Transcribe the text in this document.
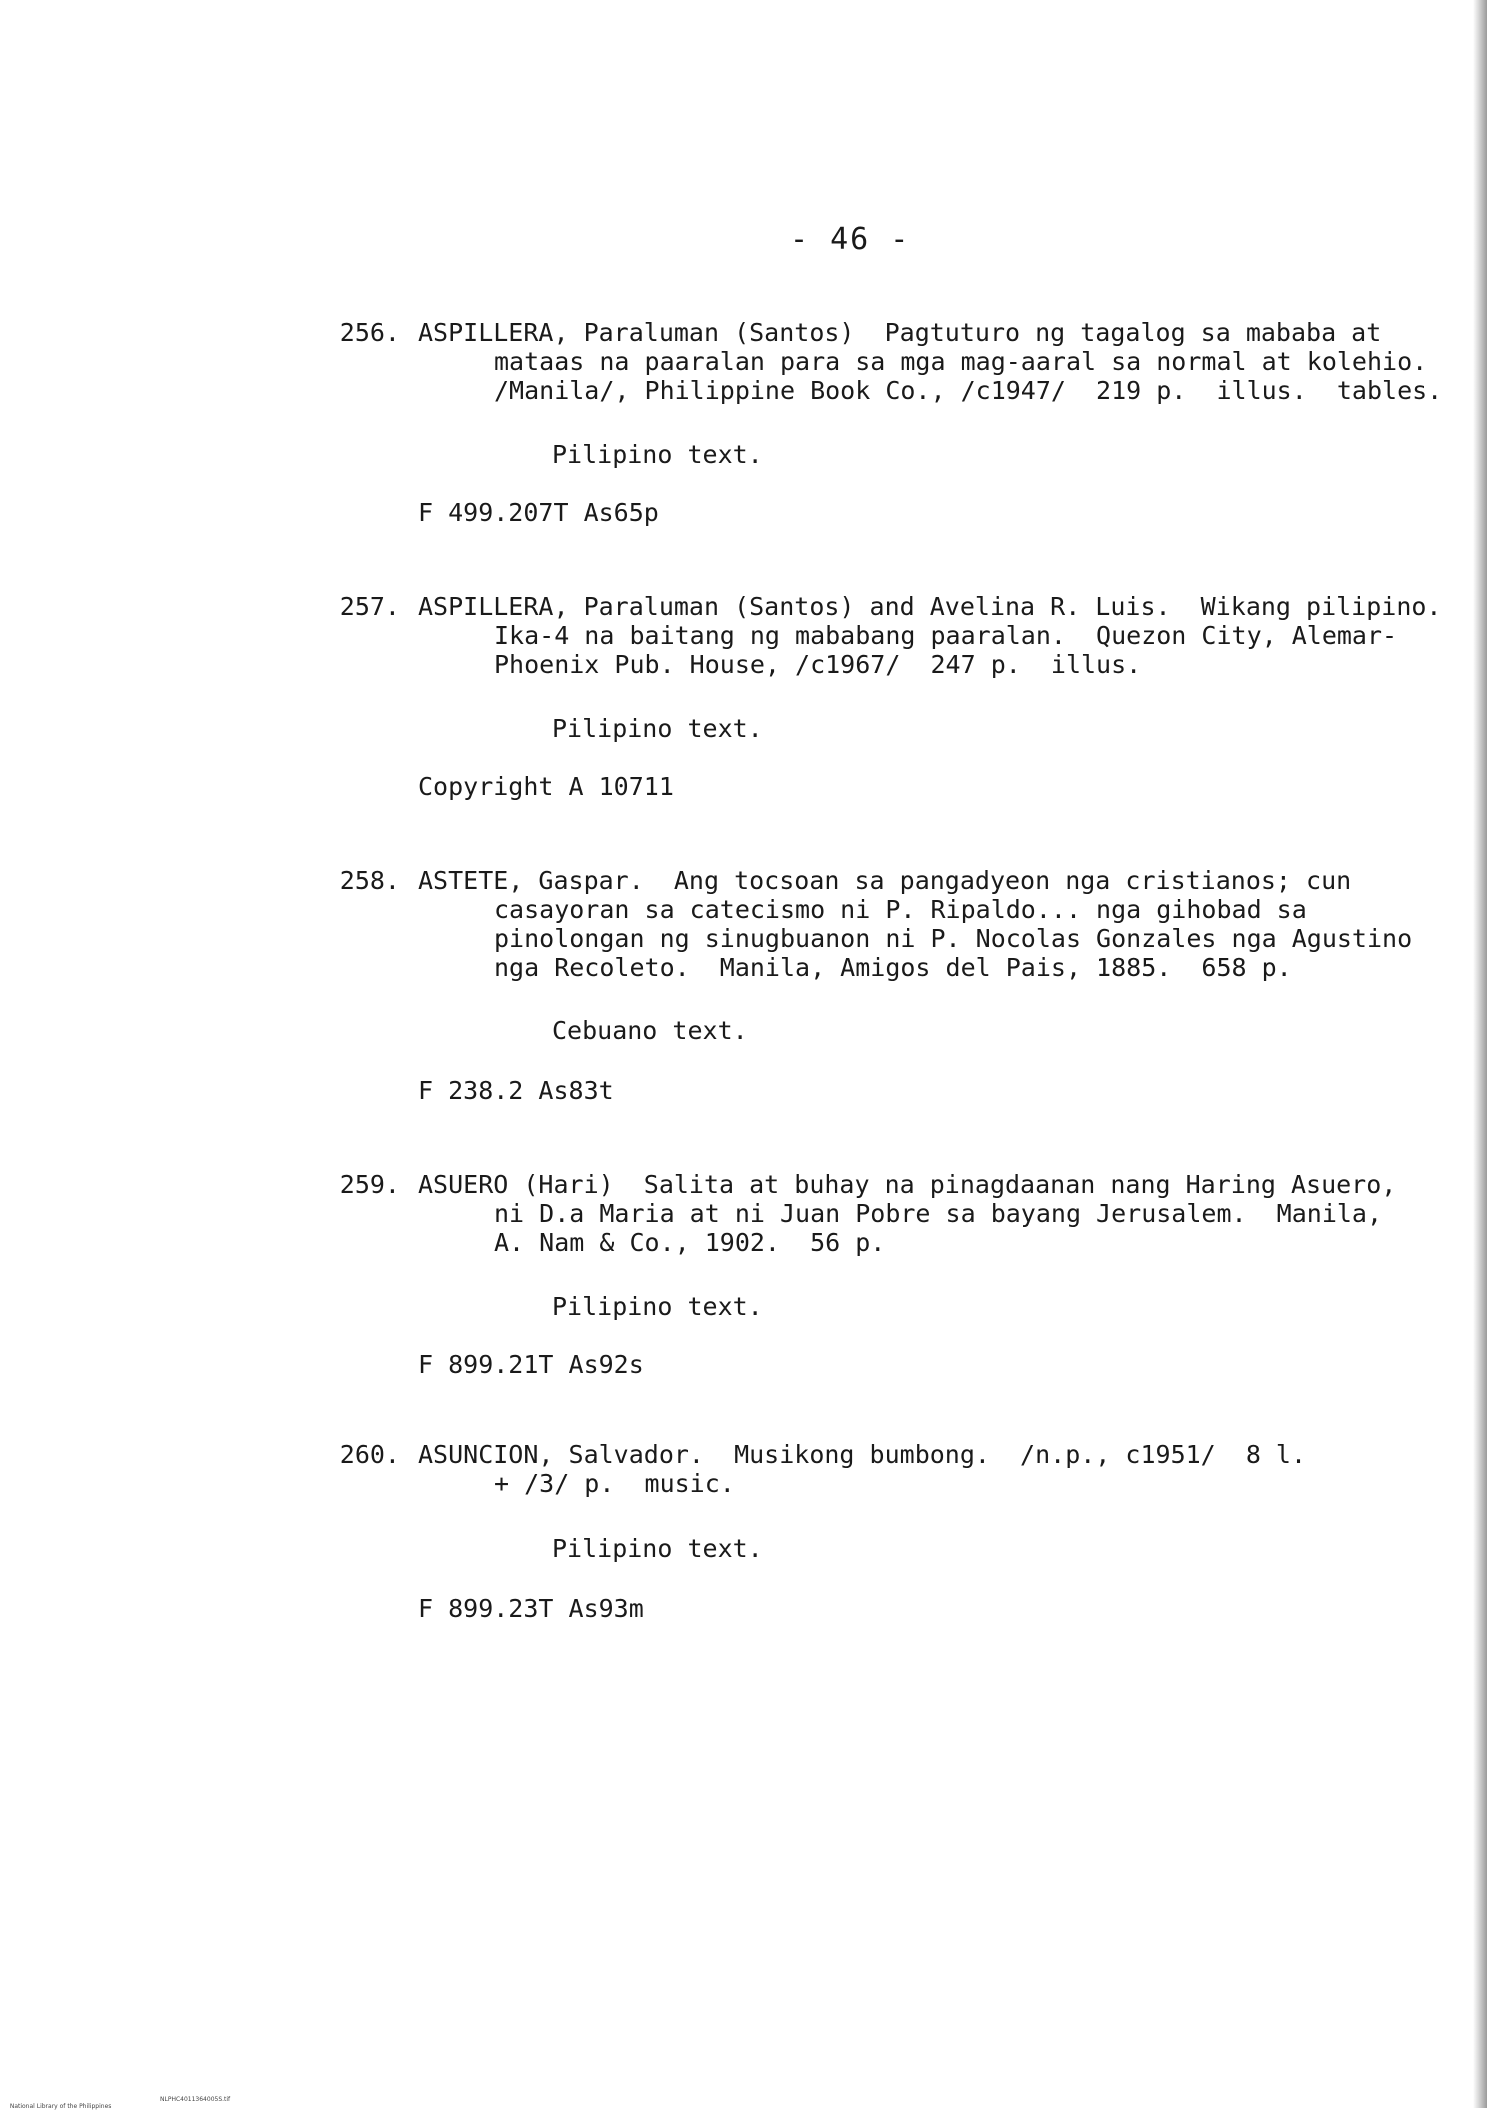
- 46 -
256. ASPILLERA, Paraluman (Santos)  Pagtuturo ng tagalog sa mababa at
mataas na paaralan para sa mga mag-aaral sa normal at kolehio.
/Manila/, Philippine Book Co., /c1947/  219 p.  illus.  tables.
Pilipino text.
F 499.207T As65p
257. ASPILLERA, Paraluman (Santos) and Avelina R. Luis.  Wikang pilipino.
Ika-4 na baitang ng mababang paaralan.  Quezon City, Alemar-
Phoenix Pub. House, /c1967/  247 p.  illus.
Pilipino text.
Copyright A 10711
258. ASTETE, Gaspar.  Ang tocsoan sa pangadyeon nga cristianos; cun
casayoran sa catecismo ni P. Ripaldo... nga gihobad sa
pinolongan ng sinugbuanon ni P. Nocolas Gonzales nga Agustino
nga Recoleto.  Manila, Amigos del Pais, 1885.  658 p.
Cebuano text.
F 238.2 As83t
259. ASUERO (Hari)  Salita at buhay na pinagdaanan nang Haring Asuero,
ni D.a Maria at ni Juan Pobre sa bayang Jerusalem.  Manila,
A. Nam & Co., 1902.  56 p.
Pilipino text.
F 899.21T As92s
260. ASUNCION, Salvador.  Musikong bumbong.  /n.p., c1951/  8 l.
+ /3/ p.  music.
Pilipino text.
F 899.23T As93m

National Library of the Philippines

NLPHC4011364005S.tif
